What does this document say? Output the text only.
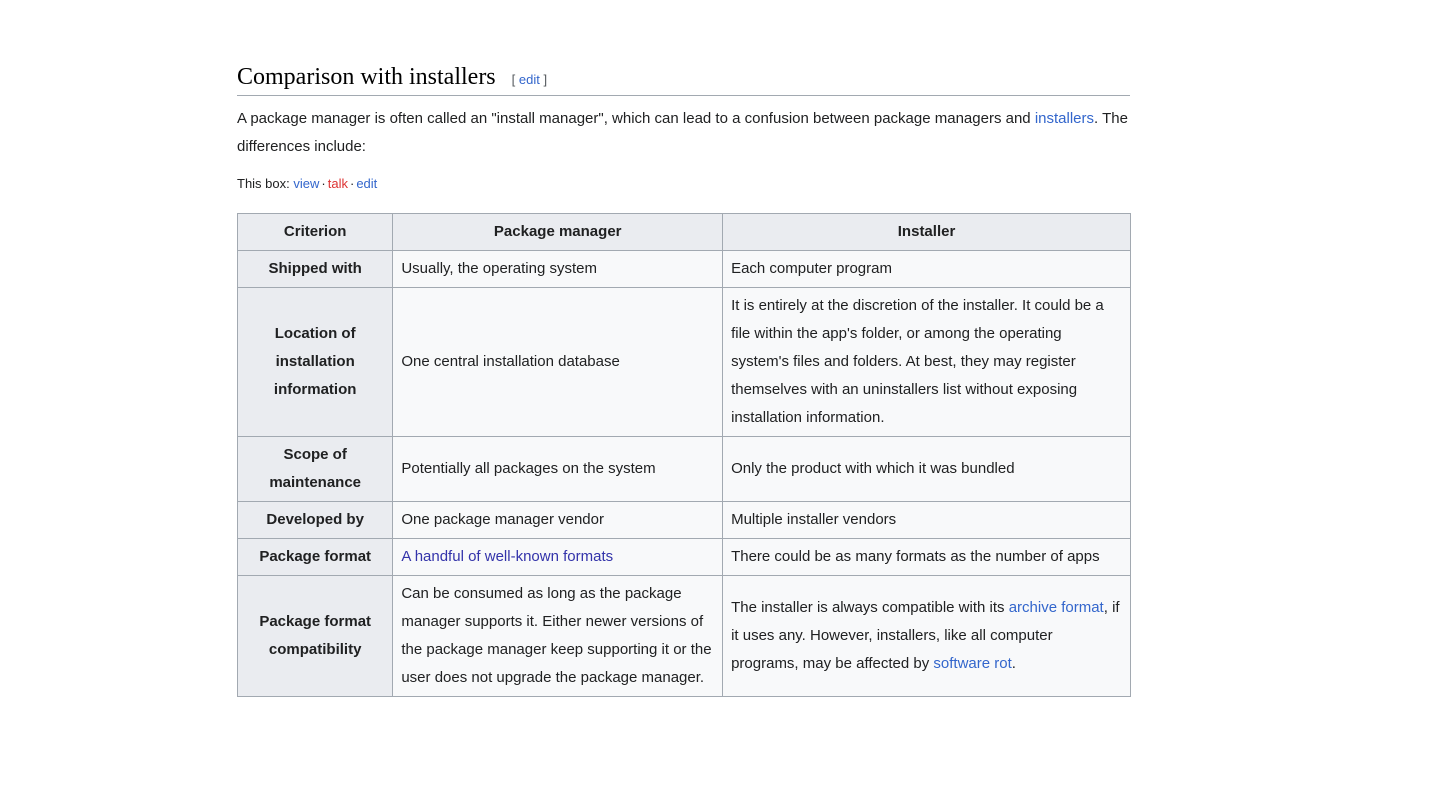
Comparison with installers [ edit ]

A package manager is often called an "install manager", which can lead to a confusion between package managers and installers. The differences include:

This box: view · talk · edit
Criterion	Package manager	Installer
Shipped with	Usually, the operating system	Each computer program
Location of installation information	One central installation database	It is entirely at the discretion of the installer. It could be a file within the app's folder, or among the operating system's files and folders. At best, they may register themselves with an uninstallers list without exposing installation information.
Scope of maintenance	Potentially all packages on the system	Only the product with which it was bundled
Developed by	One package manager vendor	Multiple installer vendors
Package format	A handful of well-known formats	There could be as many formats as the number of apps
Package format compatibility	Can be consumed as long as the package manager supports it. Either newer versions of the package manager keep supporting it or the user does not upgrade the package manager.	The installer is always compatible with its archive format, if it uses any. However, installers, like all computer programs, may be affected by software rot.
